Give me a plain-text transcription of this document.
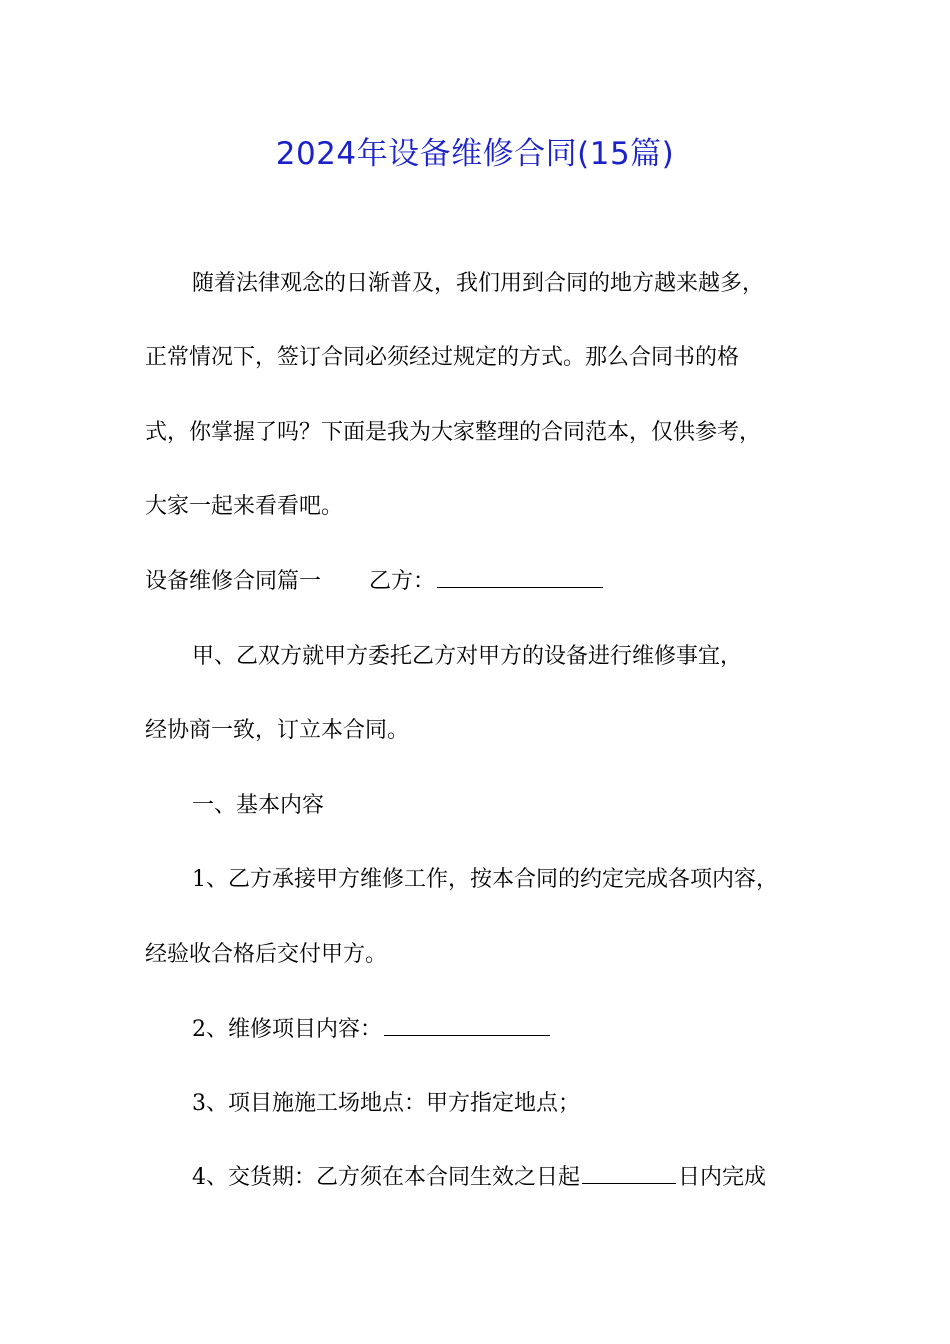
2024年设备维修合同(15篇)
随着法律观念的日渐普及，我们用到合同的地方越来越多，
正常情况下，签订合同必须经过规定的方式。那么合同书的格
式，你掌握了吗？下面是我为大家整理的合同范本，仅供参考，
大家一起来看看吧。
设备维修合同篇一 乙方：
甲、乙双方就甲方委托乙方对甲方的设备进行维修事宜，
经协商一致，订立本合同。
一、基本内容
1、乙方承接甲方维修工作，按本合同的约定完成各项内容，
经验收合格后交付甲方。
2、维修项目内容：
3、项目施施工场地点：甲方指定地点；
4、交货期：乙方须在本合同生效之日起	日内完成
